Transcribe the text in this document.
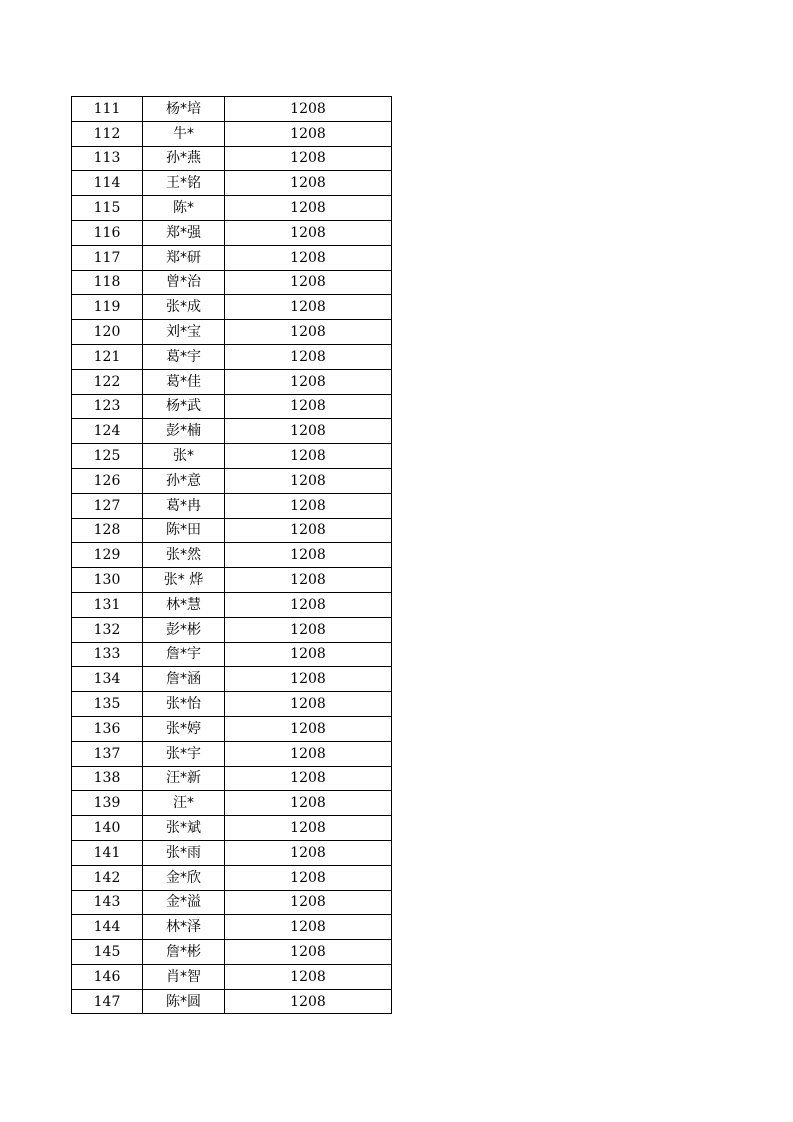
111	杨*培	1208
112	牛*	1208
113	孙*燕	1208
114	王*铭	1208
115	陈*	1208
116	郑*强	1208
117	郑*研	1208
118	曾*治	1208
119	张*成	1208
120	刘*宝	1208
121	葛*宇	1208
122	葛*佳	1208
123	杨*武	1208
124	彭*楠	1208
125	张*	1208
126	孙*意	1208
127	葛*冉	1208
128	陈*田	1208
129	张*然	1208
130	张* 烨	1208
131	林*慧	1208
132	彭*彬	1208
133	詹*宇	1208
134	詹*涵	1208
135	张*怡	1208
136	张*婷	1208
137	张*宇	1208
138	汪*新	1208
139	汪*	1208
140	张*斌	1208
141	张*雨	1208
142	金*欣	1208
143	金*溢	1208
144	林*泽	1208
145	詹*彬	1208
146	肖*智	1208
147	陈*圆	1208
